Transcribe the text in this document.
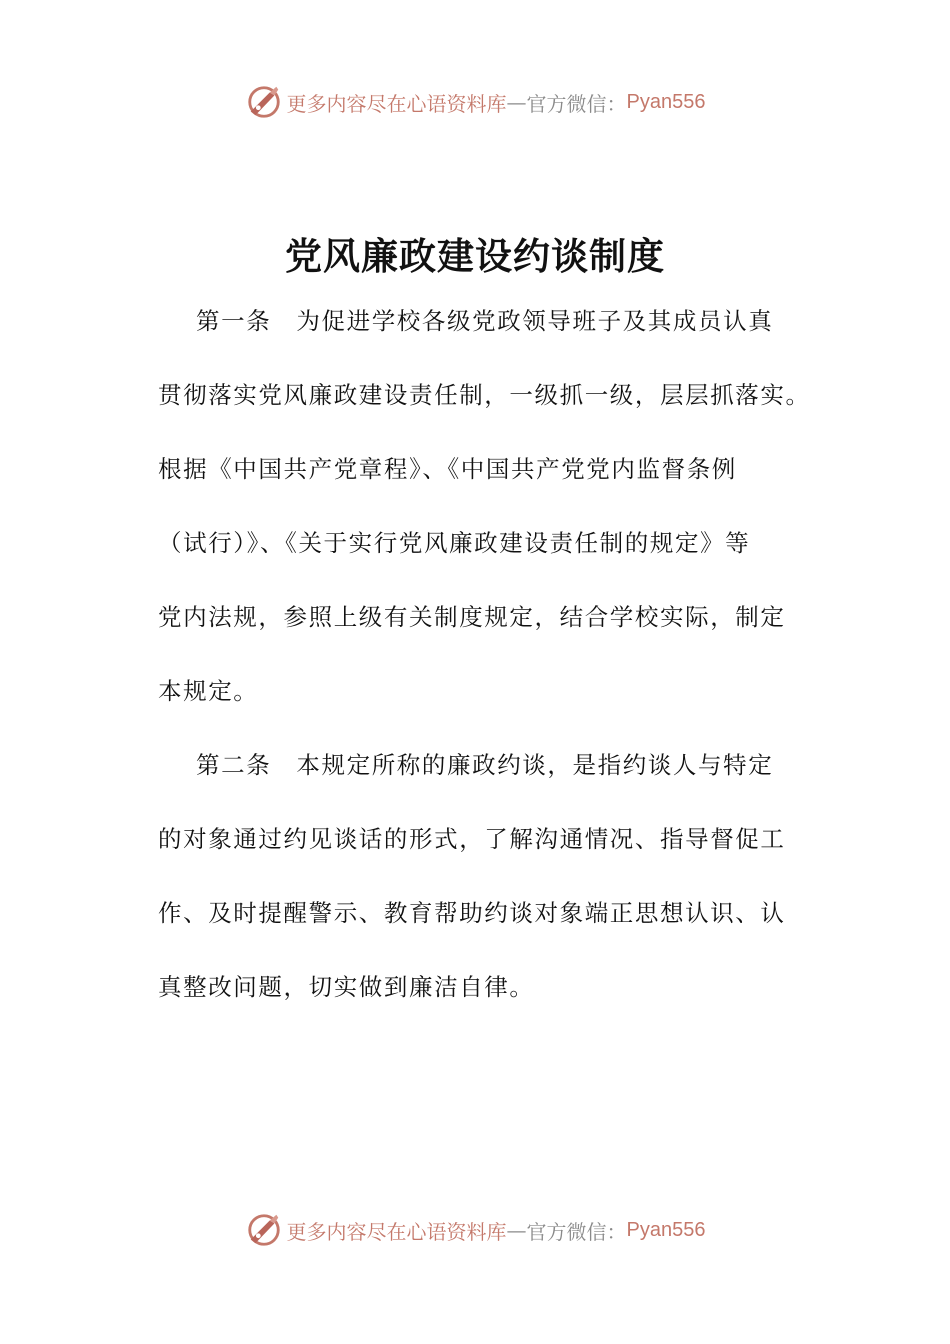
更多内容尽在心语资料库 — 官方微信： Pyan556
党风廉政建设约谈制度
第一条　为促进学校各级党政领导班子及其成员认真
贯彻落实党风廉政建设责任制，一级抓一级，层层抓落实。
根据《中国共产党章程》、《中国共产党党内监督条例
（试行）》、《关于实行党风廉政建设责任制的规定》等
党内法规，参照上级有关制度规定，结合学校实际，制定
本规定。
第二条　本规定所称的廉政约谈，是指约谈人与特定
的对象通过约见谈话的形式，了解沟通情况、指导督促工
作、及时提醒警示、教育帮助约谈对象端正思想认识、认
真整改问题，切实做到廉洁自律。
更多内容尽在心语资料库 — 官方微信： Pyan556
